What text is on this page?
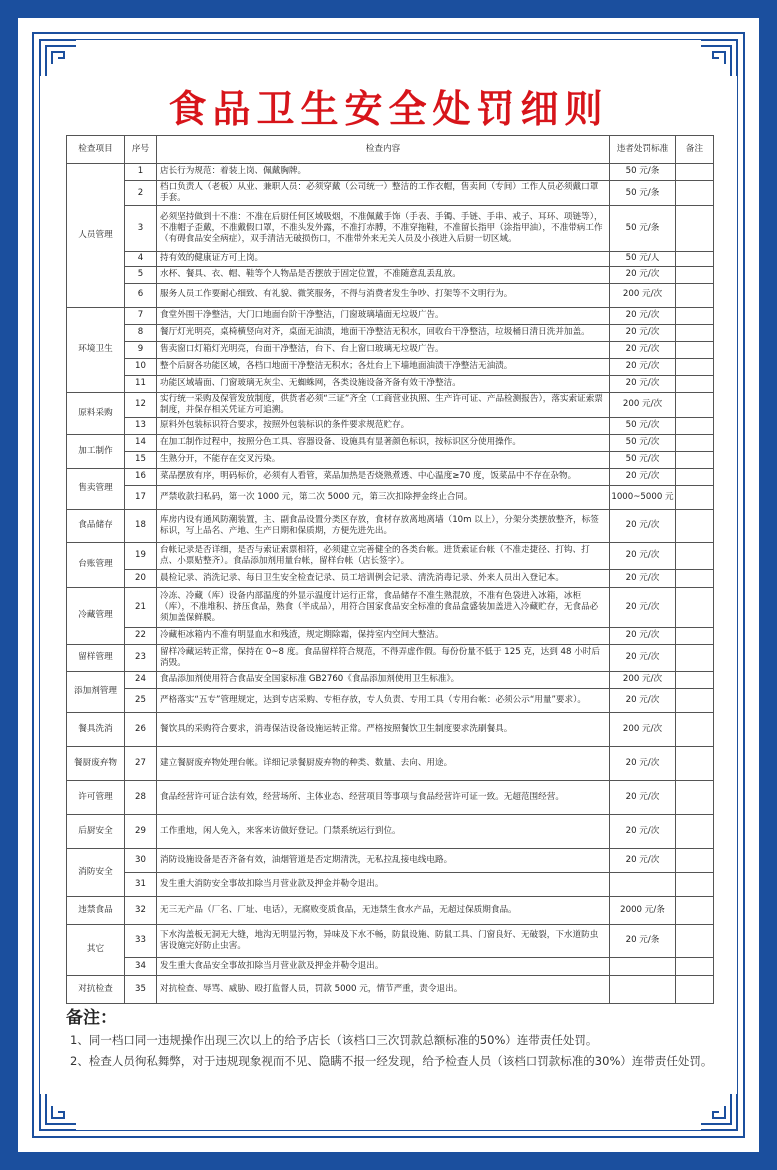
食品卫生安全处罚细则
检查项目	序号	检查内容	违者处罚标准	备注
人员管理	1	店长行为规范：着装上岗、佩戴胸牌。	50 元/条	
	2	档口负责人（老板）从业、兼职人员：必须穿戴（公司统一）整洁的工作衣帽，售卖间（专间）工作人员必须戴口罩手套。	50 元/条	
	3	必须坚持做到十不准：不准在后厨任何区域吸烟，不准佩戴手饰（手表、手镯、手链、手串、戒子、耳环、项链等），不准帽子歪戴，不准戴假口罩，不准头发外露，不准打赤膊，不准穿拖鞋，不准留长指甲（涂指甲油），不准带病工作（有碍食品安全病症），双手清洁无破损伤口，不准带外来无关人员及小孩进入后厨一切区域。	50 元/条	
	4	持有效的健康证方可上岗。	50 元/人	
	5	水杯、餐具、衣、帽、鞋等个人物品是否摆放于固定位置，不准随意乱丢乱放。	20 元/次	
	6	服务人员工作要耐心细致、有礼貌、微笑服务，不得与消费者发生争吵、打架等不文明行为。	200 元/次	
环境卫生	7	食堂外围干净整洁，大门口地面台阶干净整洁，门窗玻璃墙面无垃圾广告。	20 元/次	
	8	餐厅灯光明亮，桌椅横竖向对齐，桌面无油渍，地面干净整洁无积水，回收台干净整洁，垃圾桶日清日洗并加盖。	20 元/次	
	9	售卖窗口灯箱灯光明亮，台面干净整洁，台下、台上窗口玻璃无垃圾广告。	20 元/次	
	10	整个后厨各功能区域，各档口地面干净整洁无积水；各灶台上下墙地面油渍干净整洁无油渍。	20 元/次	
	11	功能区域墙面、门窗玻璃无灰尘、无蜘蛛网，各类设施设备齐备有效干净整洁。	20 元/次	
原料采购	12	实行统一采购及保管发放制度，供货者必须“三证”齐全（工商营业执照、生产许可证、产品检测报告），落实索证索票制度，并保存相关凭证方可追溯。	200 元/次	
	13	原料外包装标识符合要求，按照外包装标识的条件要求规范贮存。	50 元/次	
加工制作	14	在加工制作过程中，按照分色工具、容器设备、设施具有显著颜色标识，按标识区分使用操作。	50 元/次	
	15	生熟分开，不能存在交叉污染。	50 元/次	
售卖管理	16	菜品摆放有序，明码标价，必须有人看管，菜品加热是否烧熟煮透、中心温度≥70 度，饭菜品中不存在杂物。	20 元/次	
	17	严禁收款扫私码，第一次 1000 元，第二次 5000 元，第三次扣除押金终止合同。	1000~5000 元	
食品储存	18	库房内设有通风防潮装置，主、副食品设置分类区存放，食材存放离地离墙（10m 以上），分架分类摆放整齐，标签标识，写上品名、产地、生产日期和保质期，方便先进先出。	20 元/次	
台账管理	19	台帐记录是否详细，是否与索证索票相符，必须建立完善健全的各类台帐。进货索证台帐（不准走捷径、打钩、打点、小票贴整齐）。食品添加剂用量台帐，留样台帐（店长签字）。	20 元/次	
	20	晨检记录、消洗记录、每日卫生安全检查记录、员工培训例会记录、清洗消毒记录、外来人员出入登记本。	20 元/次	
冷藏管理	21	冷冻、冷藏（库）设备内部温度的外显示温度计运行正常，食品储存不准生熟混放，不准有色袋进入冰箱，冰柜（库），不准堆积、挤压食品，熟食（半成品），用符合国家食品安全标准的食品盒盛装加盖进入冷藏贮存，无食品必须加盖保鲜膜。	20 元/次	
	22	冷藏柜冰箱内不准有明显血水和残渣，规定期除霜，保持室内空间大整洁。	20 元/次	
留样管理	23	留样冷藏运转正常，保持在 0~8 度。食品留样符合规范，不得弄虚作假。每份份量不低于 125 克，达到 48 小时后消毁。	20 元/次	
添加剂管理	24	食品添加剂使用符合食品安全国家标准 GB2760《食品添加剂使用卫生标准》。	200 元/次	
	25	严格落实“五专”管理规定，达到专店采购、专柜存放，专人负责、专用工具（专用台帐：必须公示“用量”要求）。	20 元/次	
餐具洗消	26	餐饮具的采购符合要求，消毒保洁设备设施运转正常。严格按照餐饮卫生制度要求洗刷餐具。	200 元/次	
餐厨废弃物	27	建立餐厨废弃物处理台帐。详细记录餐厨废弃物的种类、数量、去向、用途。	20 元/次	
许可管理	28	食品经营许可证合法有效，经营场所、主体业态、经营项目等事项与食品经营许可证一致。无超范围经营。	20 元/次	
后厨安全	29	工作重地，闲人免入，来客来访做好登记。门禁系统运行到位。	20 元/次	
消防安全	30	消防设施设备是否齐备有效，油烟管道是否定期清洗，无私拉乱接电线电路。	20 元/次	
	31	发生重大消防安全事故扣除当月营业款及押金并勒令退出。		
违禁食品	32	无三无产品（厂名、厂址、电话），无腐败变质食品，无违禁生食水产品，无超过保质期食品。	2000 元/条	
其它	33	下水沟盖板无洞无大缝，地沟无明显污物，异味及下水不畅，防鼠设施、防鼠工具、门窗良好、无破裂，下水道防虫害设施完好防止虫害。	20 元/条	
	34	发生重大食品安全事故扣除当月营业款及押金并勒令退出。		
对抗检查	35	对抗检查、辱骂、威胁、殴打监督人员，罚款 5000 元，情节严重，责令退出。		
备注：
1、同一档口同一违规操作出现三次以上的给予店长（该档口三次罚款总额标准的50%）连带责任处罚。
2、检查人员徇私舞弊，对于违规现象视而不见、隐瞒不报一经发现，给予检查人员（该档口罚款标准的30%）连带责任处罚。
